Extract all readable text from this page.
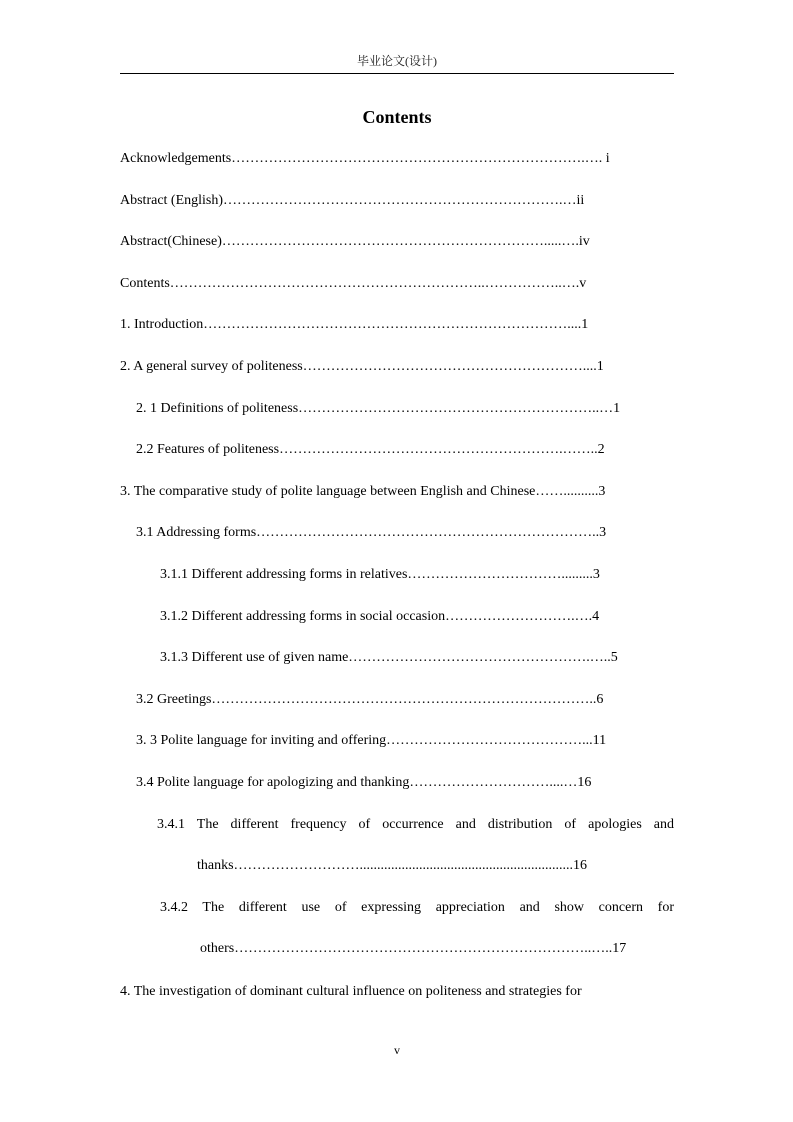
毕业论文(设计)
Contents
Acknowledgements………………………………………………………………….…. i
Abstract (English)……………………………………………………………….…ii
Abstract(Chinese)…………………………………………………………….....….iv
Contents…………………………………………………………..……………..….v
1. Introduction……………………………………………………………………....1
2. A general survey of politeness……………………………………………………....1
2. 1 Definitions of politeness………………………………………………………..…1
2.2 Features of politeness…………………………………………………….……..2
3. The comparative study of polite language between English and Chinese……..........3
3.1 Addressing forms………………………………………………………………..3
3.1.1 Different addressing forms in relatives…………………………….........3
3.1.2 Different addressing forms in social occasion……………………….….4
3.1.3 Different use of given name…………………………………………….…..5
3.2 Greetings………………………………………………………………………..6
3. 3 Polite language for inviting and offering……………………………………...11
3.4 Polite language for apologizing and thanking…………………………....…16
3.4.1 The different frequency of occurrence and distribution of apologies and
thanks……………………….............................................................16
3.4.2 The different use of expressing appreciation and show concern for
others…………………………………………………………………..…..17
4. The investigation of dominant cultural influence on politeness and strategies for
v
